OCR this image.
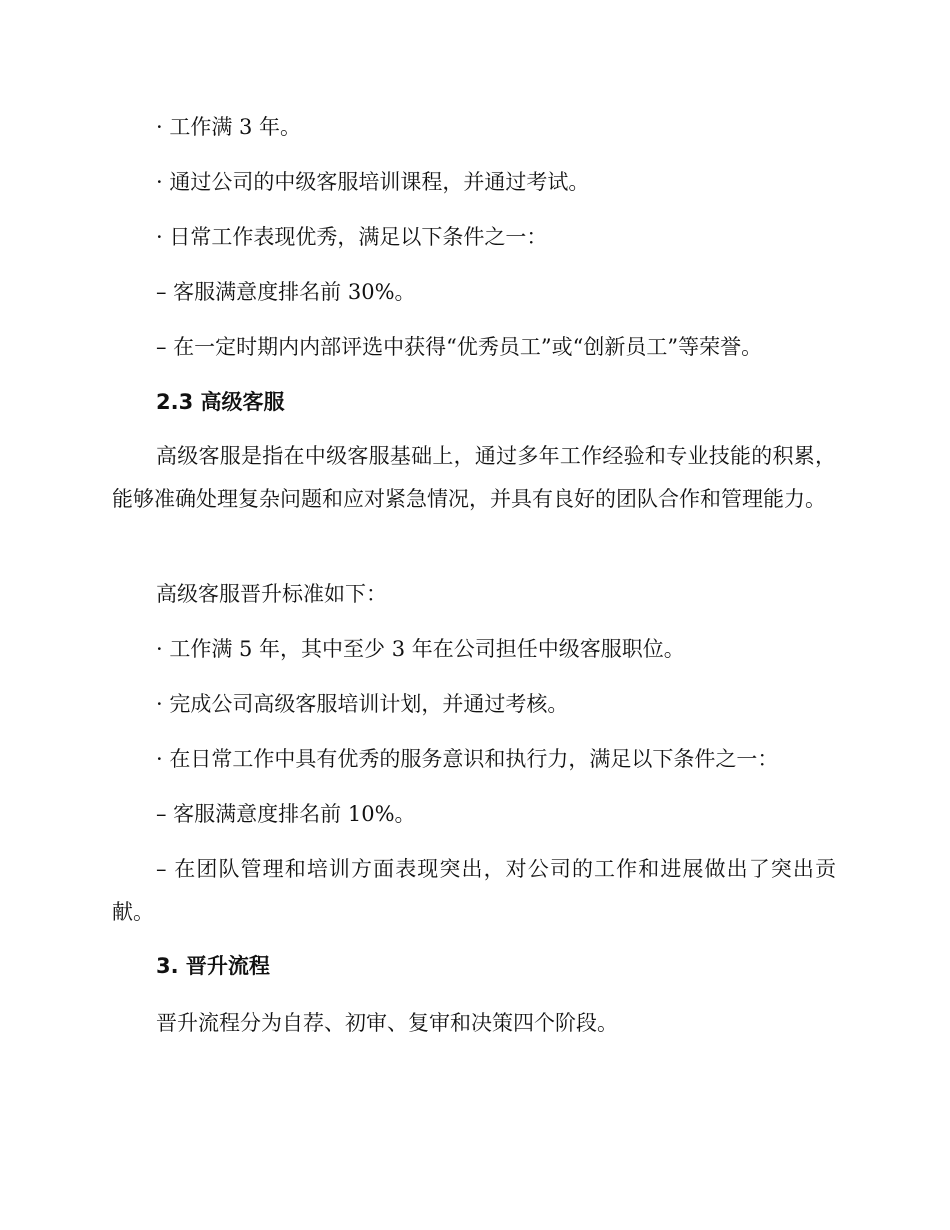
· 工作满 3 年。
· 通过公司的中级客服培训课程，并通过考试。
· 日常工作表现优秀，满足以下条件之一：
– 客服满意度排名前 30%。
– 在一定时期内内部评选中获得“优秀员工”或“创新员工”等荣誉。
2.3 高级客服
高级客服是指在中级客服基础上，通过多年工作经验和专业技能的积累，能够准确处理复杂问题和应对紧急情况，并具有良好的团队合作和管理能力。
高级客服晋升标准如下：
· 工作满 5 年，其中至少 3 年在公司担任中级客服职位。
· 完成公司高级客服培训计划，并通过考核。
· 在日常工作中具有优秀的服务意识和执行力，满足以下条件之一：
– 客服满意度排名前 10%。
– 在团队管理和培训方面表现突出，对公司的工作和进展做出了突出贡献。
3. 晋升流程
晋升流程分为自荐、初审、复审和决策四个阶段。
